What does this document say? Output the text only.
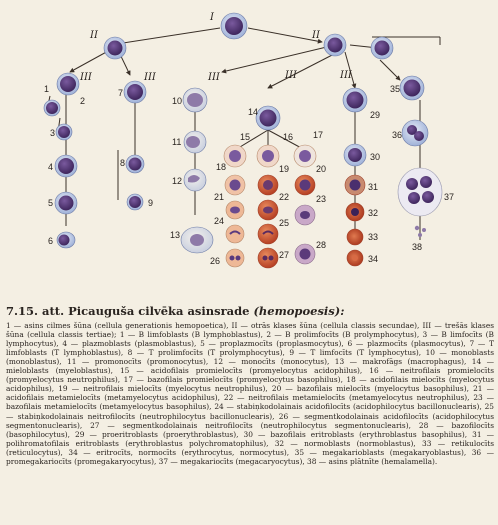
I
II	II
III	III	III	III	III
1
2
3
4
5
6
7
8
9
10
11
12
13
14
15	16 17
18	19	20
21	22	23
24	25
26
27
28
29
30
31
32
33
34
35
36
37
38
7.15. att. Picauguša cilvēka asinsrade (hemopoesis):
1 — asins cilmes šūna (cellula generationis hemopoetica), II — otrās klases šūna (cellula classis secundae), III — trešās klases šūna (cellula classis tertiae); 1 — B limfoblasts (B lymphoblastus), 2 — B prolimfocīts (B prolymphocytus), 3 — B limfocīts (B lymphocytus), 4 — plazmoblasts (plasmoblastus), 5 — proplazmocīts (proplasmocytus), 6 — plazmocīts (plasmocytus), 7 — T limfoblasts (T lymphoblastus), 8 — T prolimfocīts (T prolymphocytus), 9 — T limfocīts (T lymphocytus), 10 — monoblasts (monoblastus), 11 — promonocīts (promonocytus), 12 — monocīts (monocytus), 13 — makrofāgs (macrophagus), 14 — mieloblasts (myeloblastus), 15 — acidofilais promielocīts (promyelocytus acidophilus), 16 — neitrofilais promielocīts (promyelocytus neutrophilus), 17 — bazofilais promielocīts (promyelocytus basophilus), 18 — acidofilais mielocīts (myelocytus acidophilus), 19 — neitrofilais mielocīts (myelocytus neutrophilus), 20 — bazofilais mielocīts (myelocytus basophilus), 21 — acidofilais metamielocīts (metamyelocytus acidophilus), 22 — neitrofilais metamielocīts (metamyelocytus neutrophilus), 23 — bazofilais metamielocīts (metamyelocytus basophilus), 24 — stabiņkodolainais acidofilocīts (acidophilocytus bacillonuclearis), 25 — stabiņkodolainais neitrofilocīts (neutrophilocytus bacillonuclearis), 26 — segmentkodolainais acidofilocīts (acidophilocytus segmentonuclearis), 27 — segmentkodolainais neitrofilocīts (neutrophilocytus segmentonuclearis), 28 — bazofilocīts (basophilocytus), 29 — proeritroblasts (proerythroblastus), 30 — bazofilais eritroblasts (erythroblastus basophilus), 31 — polihromatofilais eritroblasts (erythroblastus polychromatophilus), 32 — normoblasts (normoblastus), 33 — retikulocīts (reticulocytus), 34 — eritrocīts, normocīts (erythrocytus, normocytus), 35 — megakarioblasts (megakaryoblastus), 36 — promegakariocīts (promegakaryocytus), 37 — megakariocīts (megacaryocytus), 38 — asins plātnīte (hemalamella).
